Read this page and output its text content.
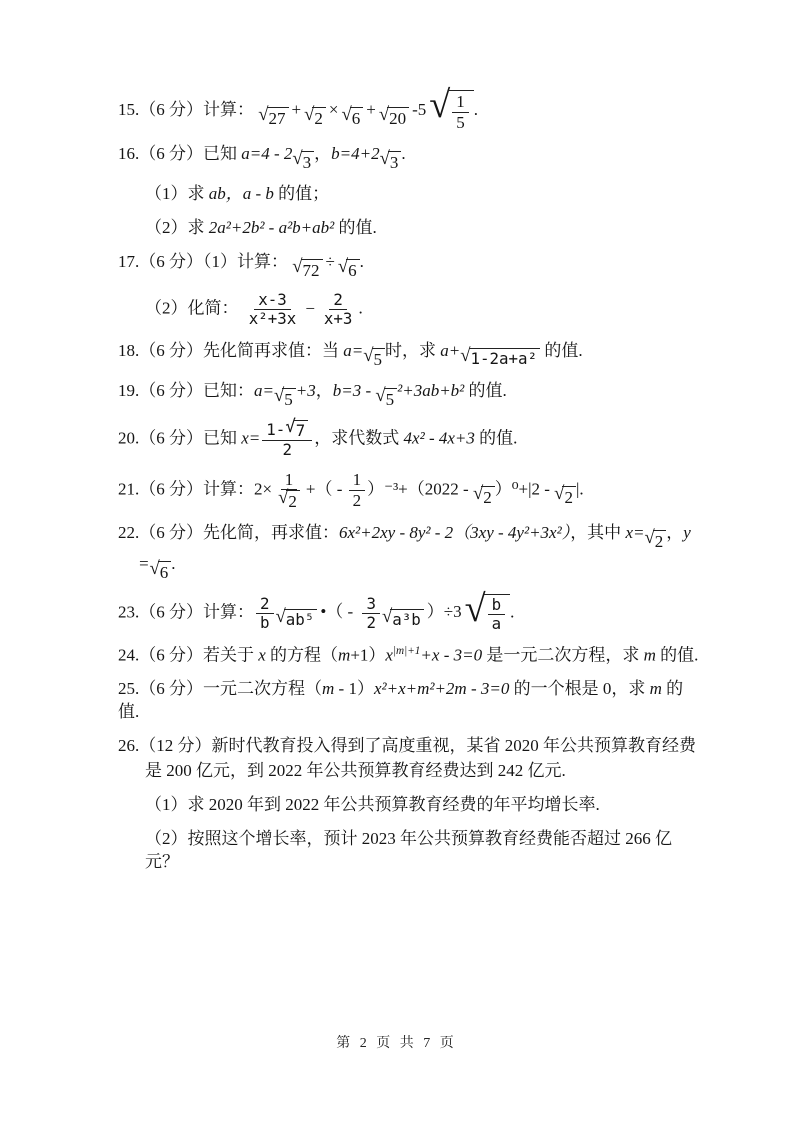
15.（6 分）计算： √ 27 + √ 2 × √ 6 + √ 20 -5 √ $\frac{1}{5}$ .
16.（6 分）已知 a=4 - 2 √ 3 ，b=4+2 √ 3 .
（1）求 ab，a - b 的值；
（2）求 2a²+2b² - a²b+ab² 的值.
17.（6 分）（1）计算： √ 72 ÷ √ 6 .
（2）化简： $\frac{x-3}{\text{x²+3x}} - \frac{2}{x+3}$ .
18.（6 分）先化简再求值：当 a= √ 5 时，求 a+ √ 1-2a+a² 的值.
19.（6 分）已知：a= √ 5 +3，b=3 - √ 5 ²+3ab+b² 的值.
20.（6 分）已知 $x= \frac{1- √ 7}{2}$ ，求代数式 4x² - 4x+3 的值.
21.（6 分）计算：$2\times \frac{1}{√ 2}$ +（ - $\frac{1}{2} )^{-3}+(2022$ - √ 2 ）⁰+|2 - √ 2 |.
22.（6 分）先化简，再求值：6x²+2xy - 8y² - 2（3xy - 4y²+3x²），其中 x= √ 2 ，y
= √ 6 .
23.（6 分）计算： $\frac{2}{b}$ √ ab⁵ •（ - $\frac{3}{2}$ √ a³b ）÷3 √ $\frac{b}{a}$ .
24.（6 分）若关于 x 的方程$(m+1)x^{|m|+1}+x - 3=0$ 是一元二次方程，求 m 的值.
25.（6 分）一元二次方程（m - 1）x²+x+m²+2m - 3=0 的一个根是 0，求 m 的值.
26.（12 分）新时代教育投入得到了高度重视，某省 2020 年公共预算教育经费
是 200 亿元，到 2022 年公共预算教育经费达到 242 亿元.
（1）求 2020 年到 2022 年公共预算教育经费的年平均增长率.
（2）按照这个增长率，预计 2023 年公共预算教育经费能否超过 266 亿元？
第 2 页 共 7 页
